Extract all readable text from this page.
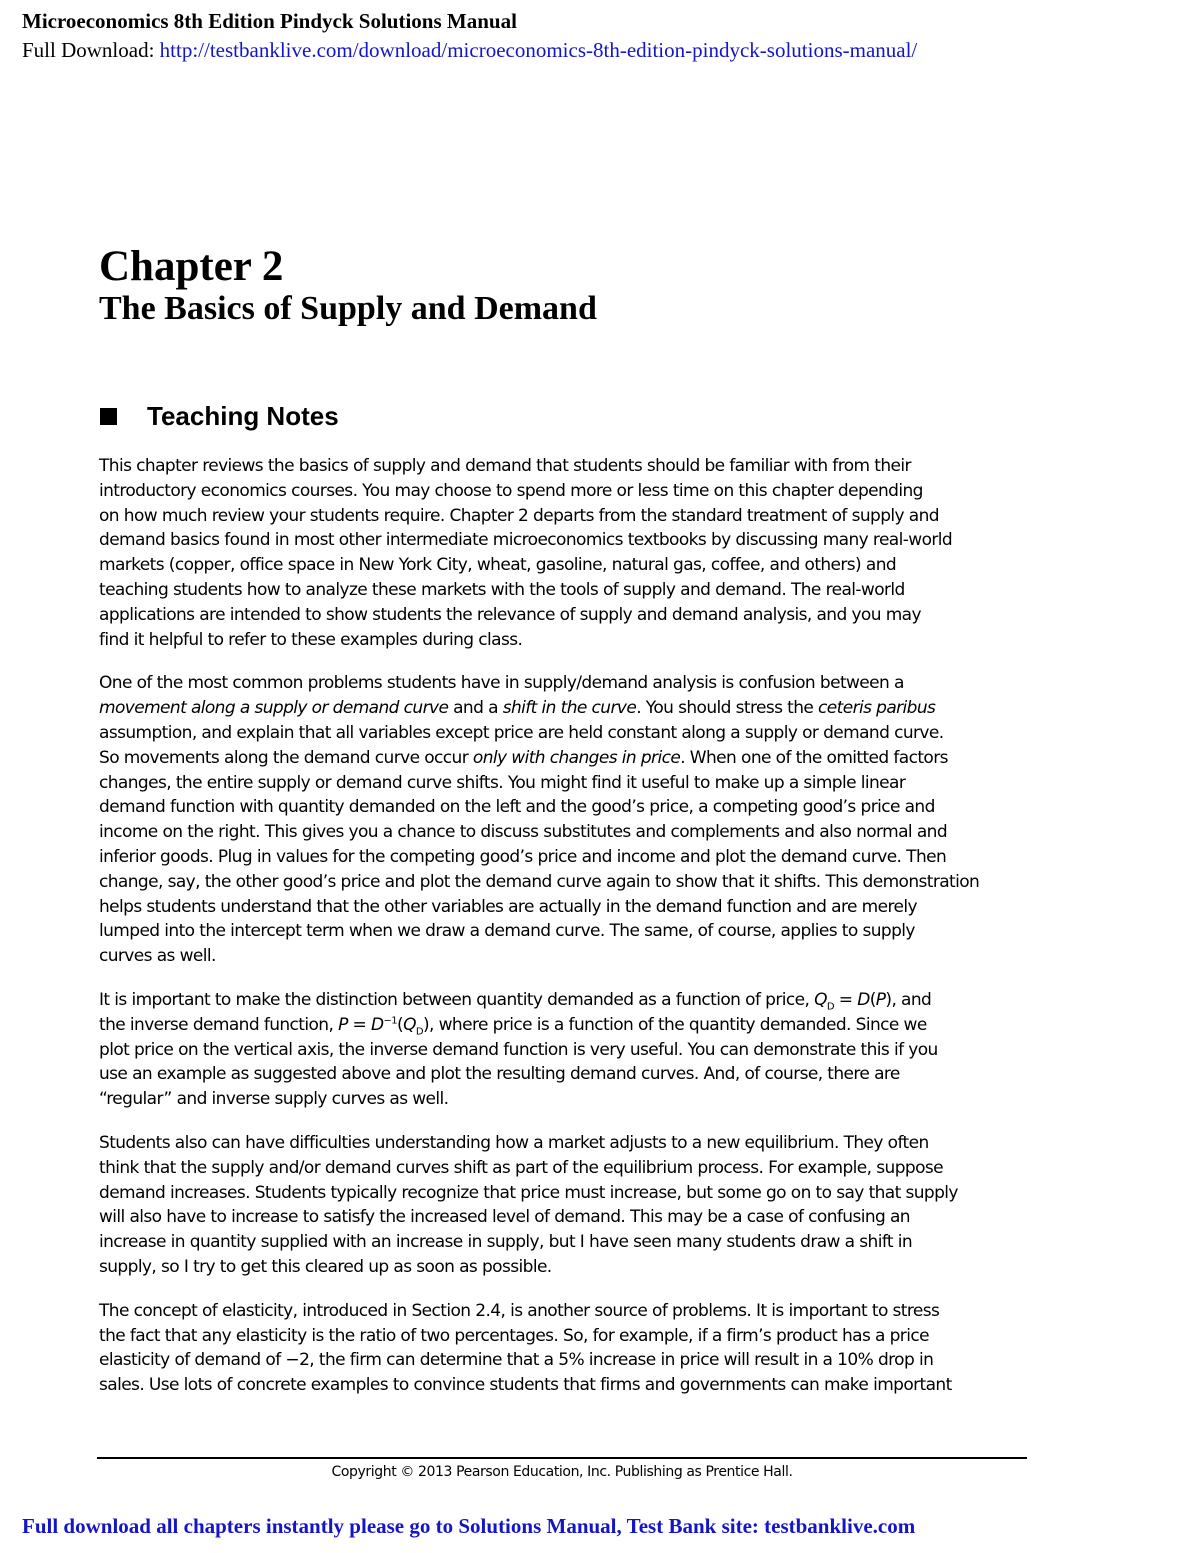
Microeconomics 8th Edition Pindyck Solutions Manual
Full Download: http://testbanklive.com/download/microeconomics-8th-edition-pindyck-solutions-manual/
Chapter 2
The Basics of Supply and Demand
Teaching Notes
This chapter reviews the basics of supply and demand that students should be familiar with from their
introductory economics courses. You may choose to spend more or less time on this chapter depending
on how much review your students require. Chapter 2 departs from the standard treatment of supply and
demand basics found in most other intermediate microeconomics textbooks by discussing many real-world
markets (copper, office space in New York City, wheat, gasoline, natural gas, coffee, and others) and
teaching students how to analyze these markets with the tools of supply and demand. The real-world
applications are intended to show students the relevance of supply and demand analysis, and you may
find it helpful to refer to these examples during class.
One of the most common problems students have in supply/demand analysis is confusion between a
movement along a supply or demand curve and a shift in the curve. You should stress the ceteris paribus
assumption, and explain that all variables except price are held constant along a supply or demand curve.
So movements along the demand curve occur only with changes in price. When one of the omitted factors
changes, the entire supply or demand curve shifts. You might find it useful to make up a simple linear
demand function with quantity demanded on the left and the good’s price, a competing good’s price and
income on the right. This gives you a chance to discuss substitutes and complements and also normal and
inferior goods. Plug in values for the competing good’s price and income and plot the demand curve. Then
change, say, the other good’s price and plot the demand curve again to show that it shifts. This demonstration
helps students understand that the other variables are actually in the demand function and are merely
lumped into the intercept term when we draw a demand curve. The same, of course, applies to supply
curves as well.
It is important to make the distinction between quantity demanded as a function of price, $Q_D = D(P)$, and
the inverse demand function, $P = D^{-1}(Q_D)$, where price is a function of the quantity demanded. Since we
plot price on the vertical axis, the inverse demand function is very useful. You can demonstrate this if you
use an example as suggested above and plot the resulting demand curves. And, of course, there are
“regular” and inverse supply curves as well.
Students also can have difficulties understanding how a market adjusts to a new equilibrium. They often
think that the supply and/or demand curves shift as part of the equilibrium process. For example, suppose
demand increases. Students typically recognize that price must increase, but some go on to say that supply
will also have to increase to satisfy the increased level of demand. This may be a case of confusing an
increase in quantity supplied with an increase in supply, but I have seen many students draw a shift in
supply, so I try to get this cleared up as soon as possible.
The concept of elasticity, introduced in Section 2.4, is another source of problems. It is important to stress
the fact that any elasticity is the ratio of two percentages. So, for example, if a firm’s product has a price
elasticity of demand of −2, the firm can determine that a 5% increase in price will result in a 10% drop in
sales. Use lots of concrete examples to convince students that firms and governments can make important
Copyright © 2013 Pearson Education, Inc. Publishing as Prentice Hall.
Full download all chapters instantly please go to Solutions Manual, Test Bank site: testbanklive.com
